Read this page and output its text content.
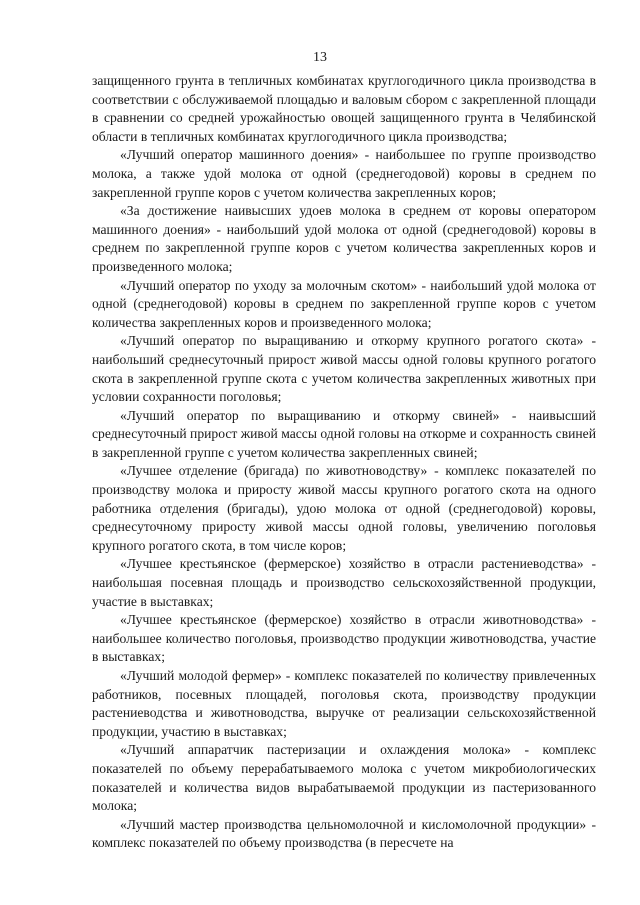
13

защищенного грунта в тепличных комбинатах круглогодичного цикла производства в соответствии с обслуживаемой площадью и валовым сбором с закрепленной площади в сравнении со средней урожайностью овощей защищенного грунта в Челябинской области в тепличных комбинатах круглогодичного цикла производства;

«Лучший оператор машинного доения» - наибольшее по группе производство молока, а также удой молока от одной (среднегодовой) коровы в среднем по закрепленной группе коров с учетом количества закрепленных коров;

«За достижение наивысших удоев молока в среднем от коровы оператором машинного доения» - наибольший удой молока от одной (среднегодовой) коровы в среднем по закрепленной группе коров с учетом количества закрепленных коров и произведенного молока;

«Лучший оператор по уходу за молочным скотом» - наибольший удой молока от одной (среднегодовой) коровы в среднем по закрепленной группе коров с учетом количества закрепленных коров и произведенного молока;

«Лучший оператор по выращиванию и откорму крупного рогатого скота» - наибольший среднесуточный прирост живой массы одной головы крупного рогатого скота в закрепленной группе скота с учетом количества закрепленных животных при условии сохранности поголовья;

«Лучший оператор по выращиванию и откорму свиней» - наивысший среднесуточный прирост живой массы одной головы на откорме и сохранность свиней в закрепленной группе с учетом количества закрепленных свиней;

«Лучшее отделение (бригада) по животноводству» - комплекс показателей по производству молока и приросту живой массы крупного рогатого скота на одного работника отделения (бригады), удою молока от одной (среднегодовой) коровы, среднесуточному приросту живой массы одной головы, увеличению поголовья крупного рогатого скота, в том числе коров;

«Лучшее крестьянское (фермерское) хозяйство в отрасли растениеводства» - наибольшая посевная площадь и производство сельскохозяйственной продукции, участие в выставках;

«Лучшее крестьянское (фермерское) хозяйство в отрасли животноводства» - наибольшее количество поголовья, производство продукции животноводства, участие в выставках;

«Лучший молодой фермер» - комплекс показателей по количеству привлеченных работников, посевных площадей, поголовья скота, производству продукции растениеводства и животноводства, выручке от реализации сельскохозяйственной продукции, участию в выставках;

«Лучший аппаратчик пастеризации и охлаждения молока» - комплекс показателей по объему перерабатываемого молока с учетом микробиологических показателей и количества видов вырабатываемой продукции из пастеризованного молока;

«Лучший мастер производства цельномолочной и кисломолочной продукции» - комплекс показателей по объему производства (в пересчете на
